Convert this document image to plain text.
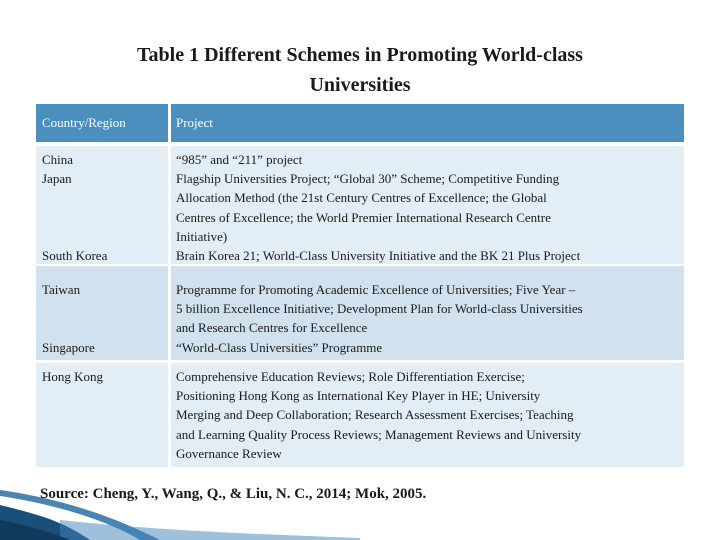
Table 1 Different Schemes in Promoting World-class
Universities
Country/Region	Project
China	“985” and “211” project
Japan	Flagship Universities Project; “Global 30” Scheme; Competitive Funding
Allocation Method (the 21st Century Centres of Excellence; the Global
Centres of Excellence; the World Premier International Research Centre
Initiative)
South Korea	Brain Korea 21; World-Class University Initiative and the BK 21 Plus Project
Taiwan	Programme for Promoting Academic Excellence of Universities; Five Year –
5 billion Excellence Initiative; Development Plan for World-class Universities
and Research Centres for Excellence
Singapore	“World-Class Universities” Programme
Hong Kong	Comprehensive Education Reviews; Role Differentiation Exercise;
Positioning Hong Kong as International Key Player in HE; University
Merging and Deep Collaboration; Research Assessment Exercises; Teaching
and Learning Quality Process Reviews; Management Reviews and University
Governance Review
Source: Cheng, Y., Wang, Q., & Liu, N. C., 2014; Mok, 2005.
